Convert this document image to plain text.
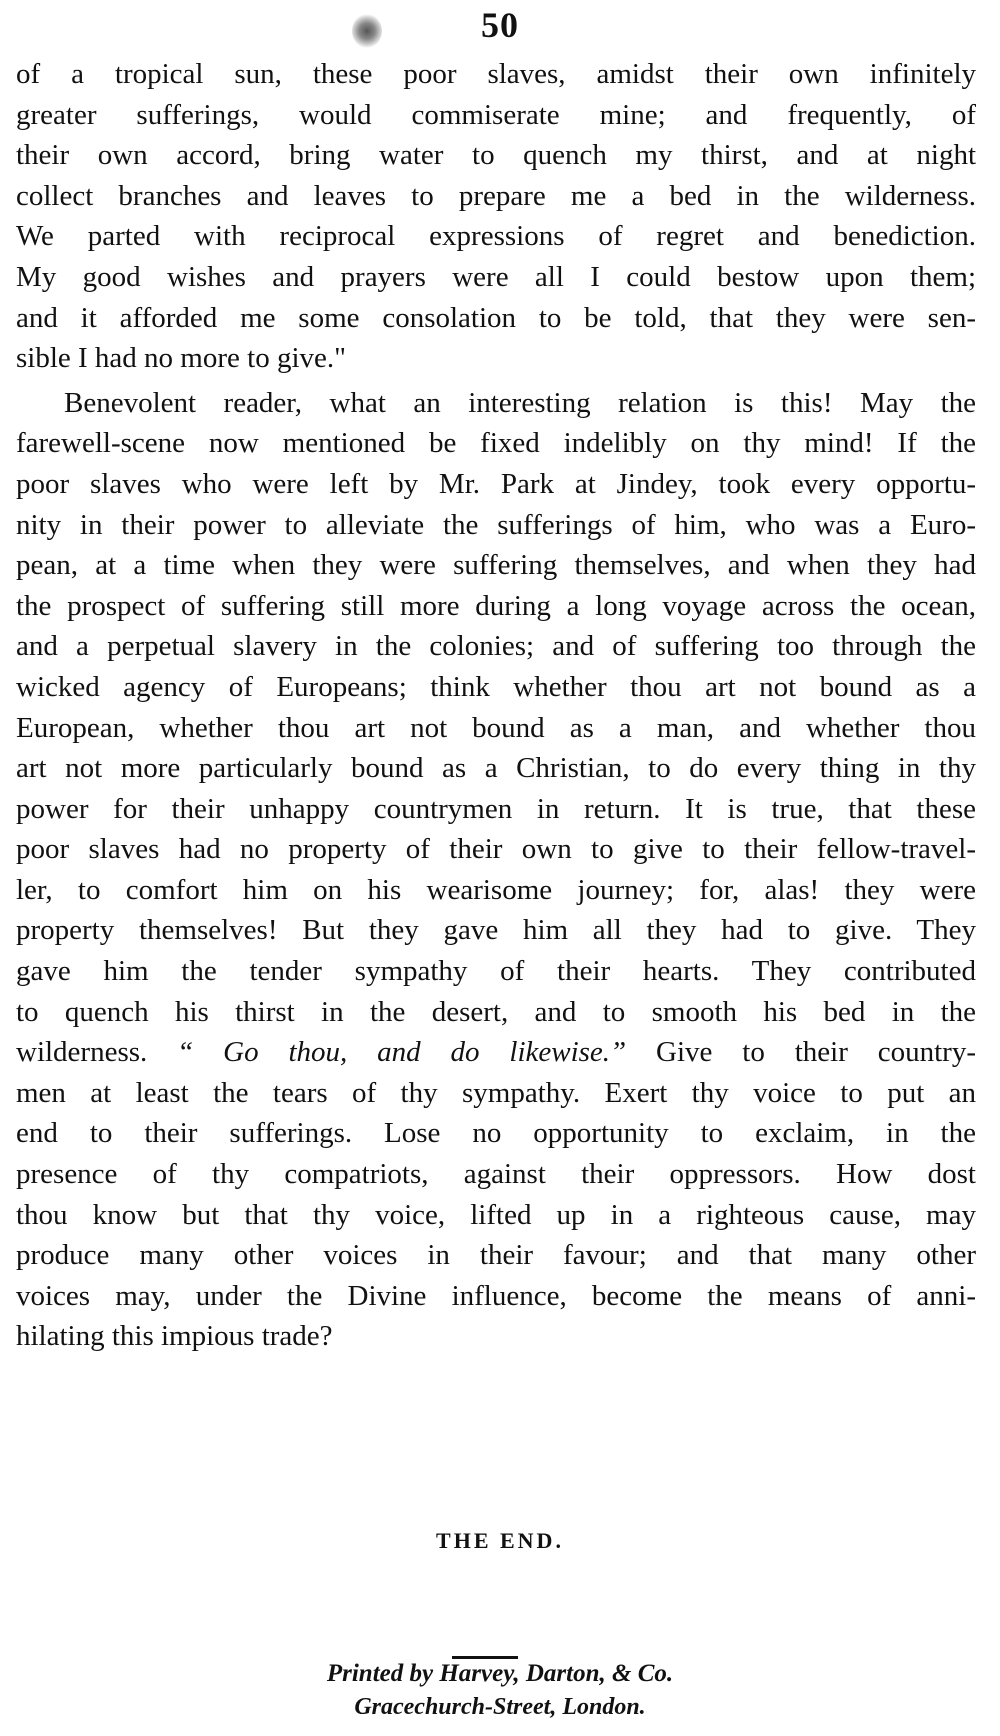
50
of a tropical sun, these poor slaves, amidst their own infinitely
greater sufferings, would commiserate mine; and frequently, of
their own accord, bring water to quench my thirst, and at night
collect branches and leaves to prepare me a bed in the wilderness.
We parted with reciprocal expressions of regret and benediction.
My good wishes and prayers were all I could bestow upon them;
and it afforded me some consolation to be told, that they were sen-
sible I had no more to give."
Benevolent reader, what an interesting relation is this! May the
farewell-scene now mentioned be fixed indelibly on thy mind! If the
poor slaves who were left by Mr. Park at Jindey, took every opportu-
nity in their power to alleviate the sufferings of him, who was a Euro-
pean, at a time when they were suffering themselves, and when they had
the prospect of suffering still more during a long voyage across the ocean,
and a perpetual slavery in the colonies; and of suffering too through the
wicked agency of Europeans; think whether thou art not bound as a
European, whether thou art not bound as a man, and whether thou
art not more particularly bound as a Christian, to do every thing in thy
power for their unhappy countrymen in return. It is true, that these
poor slaves had no property of their own to give to their fellow-travel-
ler, to comfort him on his wearisome journey; for, alas! they were
property themselves! But they gave him all they had to give. They
gave him the tender sympathy of their hearts. They contributed
to quench his thirst in the desert, and to smooth his bed in the
wilderness. “ Go thou, and do likewise.” Give to their country-
men at least the tears of thy sympathy. Exert thy voice to put an
end to their sufferings. Lose no opportunity to exclaim, in the
presence of thy compatriots, against their oppressors. How dost
thou know but that thy voice, lifted up in a righteous cause, may
produce many other voices in their favour; and that many other
voices may, under the Divine influence, become the means of anni-
hilating this impious trade?
THE END.
Printed by Harvey, Darton, & Co.
Gracechurch-Street, London.
